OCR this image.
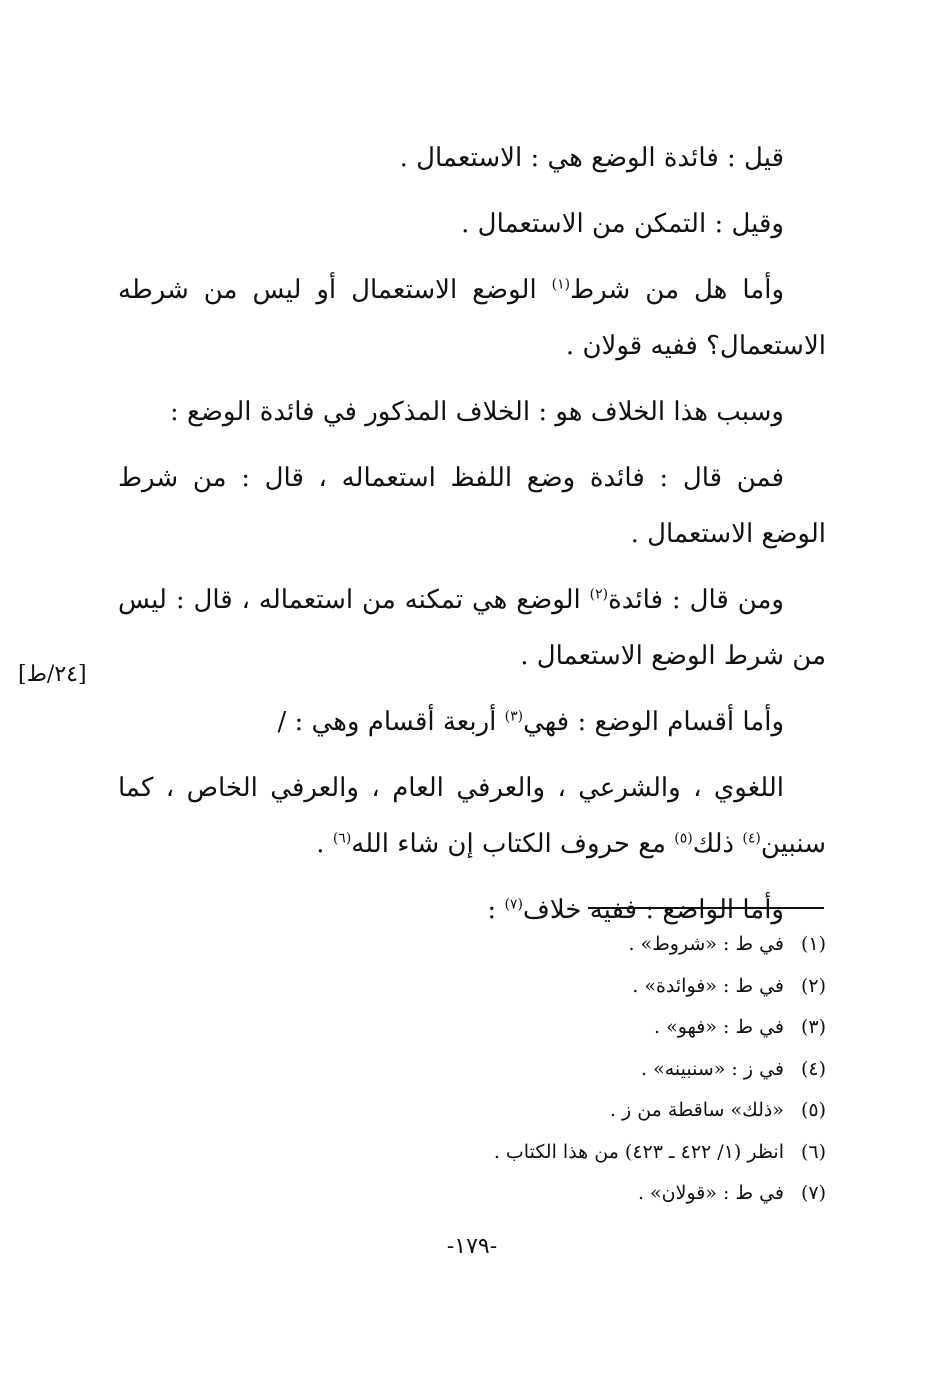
قيل : فائدة الوضع هي : الاستعمال .

وقيل : التمكن من الاستعمال .

وأما هل من شرط$^{(١)}$ الوضع الاستعمال أو ليس من شرطه الاستعمال؟ ففيه قولان .

وسبب هذا الخلاف هو : الخلاف المذكور في فائدة الوضع :

فمن قال : فائدة وضع اللفظ استعماله ، قال : من شرط الوضع الاستعمال .

ومن قال : فائدة$^{(٢)}$ الوضع هي تمكنه من استعماله ، قال : ليس من شرط الوضع الاستعمال .

وأما أقسام الوضع : فهي$^{(٣)}$ أربعة أقسام وهي : /

اللغوي ، والشرعي ، والعرفي العام ، والعرفي الخاص ، كما سنبين$^{(٤)}$ ذلك$^{(٥)}$ مع حروف الكتاب إن شاء الله$^{(٦)}$ .

وأما الواضع : ففيه خلاف$^{(٧)}$ :

[٢٤/ط]
(١)
في ط : «شروط» .
(٢)
في ط : «فوائدة» .
(٣)
في ط : «فهو» .
(٤)
في ز : «سنبينه» .
(٥)
«ذلك» ساقطة من ز .
(٦)
انظر (١/ ٤٢٢ ـ ٤٢٣) من هذا الكتاب .
(٧)
في ط : «قولان» .
-١٧٩-
